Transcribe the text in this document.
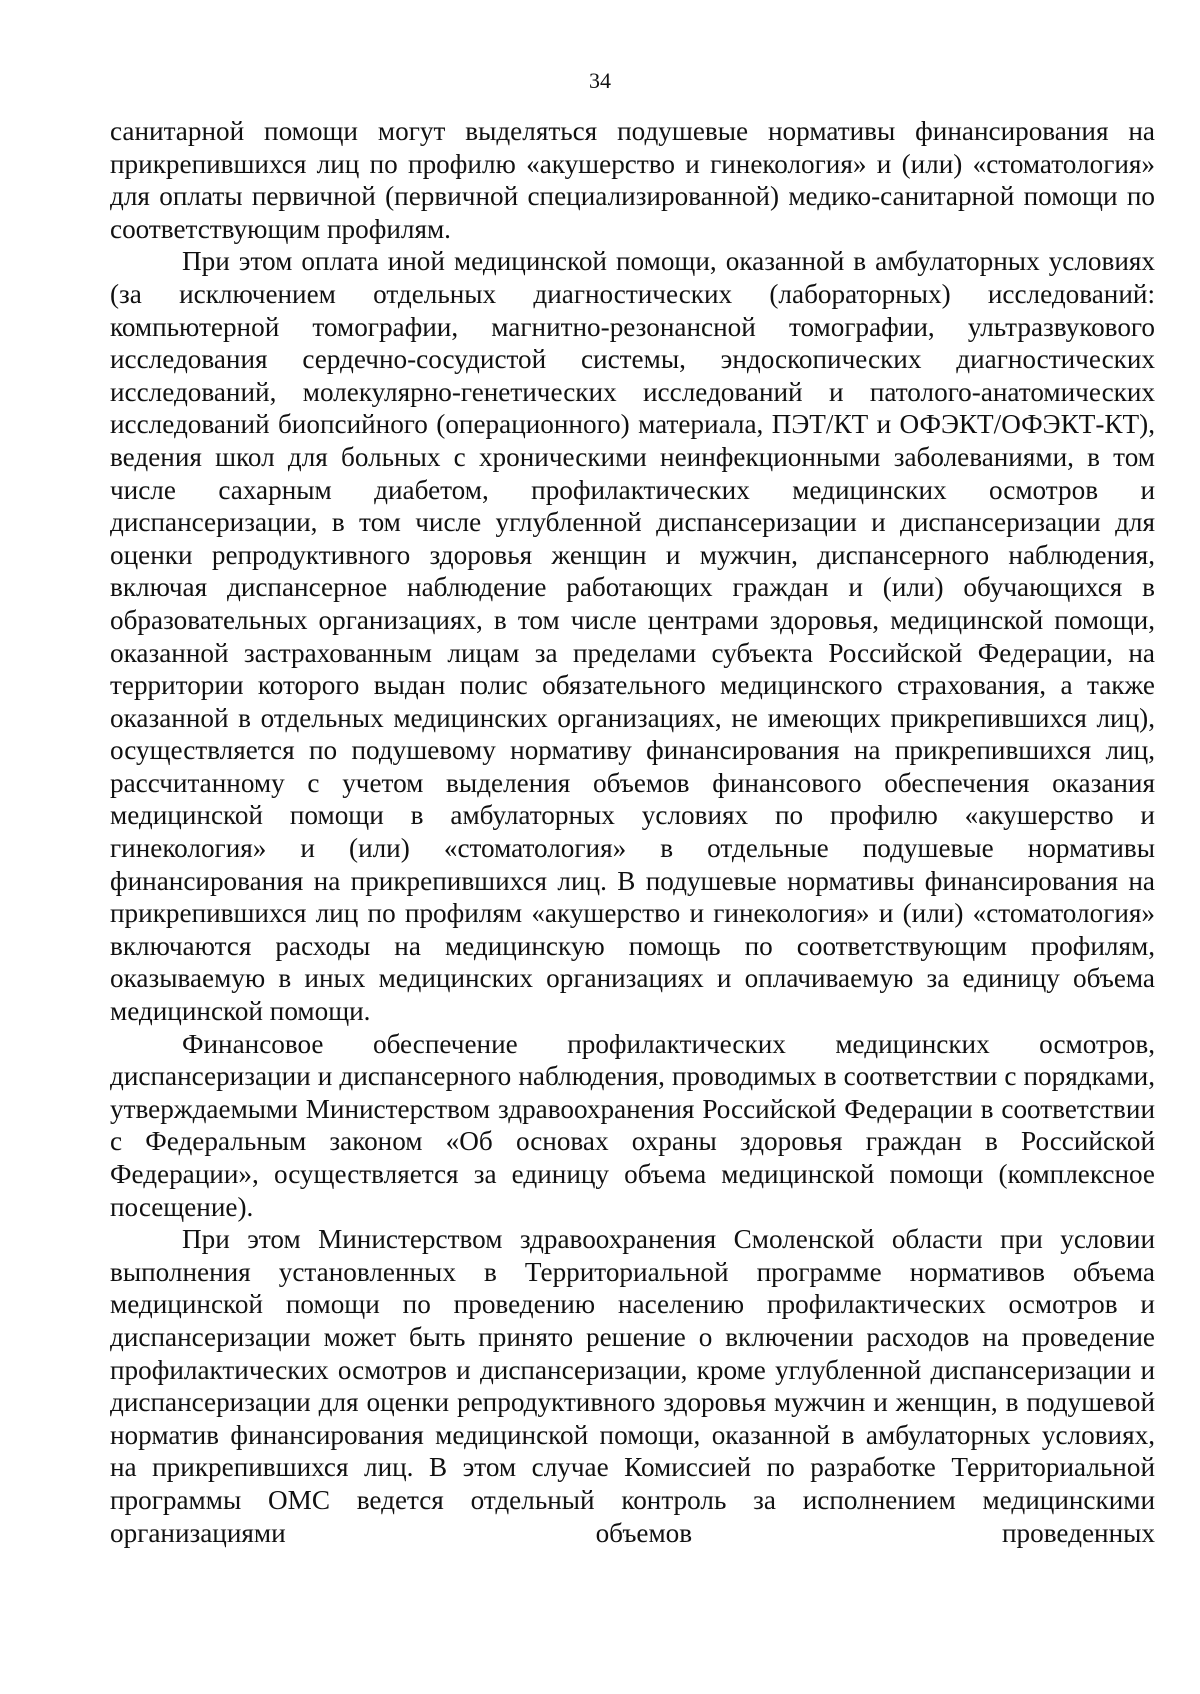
34

санитарной помощи могут выделяться подушевые нормативы финансирования на прикрепившихся лиц по профилю «акушерство и гинекология» и (или) «стоматология» для оплаты первичной (первичной специализированной) медико-санитарной помощи по соответствующим профилям.

При этом оплата иной медицинской помощи, оказанной в амбулаторных условиях (за исключением отдельных диагностических (лабораторных) исследований: компьютерной томографии, магнитно-резонансной томографии, ультразвукового исследования сердечно-сосудистой системы, эндоскопических диагностических исследований, молекулярно-генетических исследований и патолого-анатомических исследований биопсийного (операционного) материала, ПЭТ/КТ и ОФЭКТ/ОФЭКТ-КТ), ведения школ для больных с хроническими неинфекционными заболеваниями, в том числе сахарным диабетом, профилактических медицинских осмотров и диспансеризации, в том числе углубленной диспансеризации и диспансеризации для оценки репродуктивного здоровья женщин и мужчин, диспансерного наблюдения, включая диспансерное наблюдение работающих граждан и (или) обучающихся в образовательных организациях, в том числе центрами здоровья, медицинской помощи, оказанной застрахованным лицам за пределами субъекта Российской Федерации, на территории которого выдан полис обязательного медицинского страхования, а также оказанной в отдельных медицинских организациях, не имеющих прикрепившихся лиц), осуществляется по подушевому нормативу финансирования на прикрепившихся лиц, рассчитанному с учетом выделения объемов финансового обеспечения оказания медицинской помощи в амбулаторных условиях по профилю «акушерство и гинекология» и (или) «стоматология» в отдельные подушевые нормативы финансирования на прикрепившихся лиц. В подушевые нормативы финансирования на прикрепившихся лиц по профилям «акушерство и гинекология» и (или) «стоматология» включаются расходы на медицинскую помощь по соответствующим профилям, оказываемую в иных медицинских организациях и оплачиваемую за единицу объема медицинской помощи.

Финансовое обеспечение профилактических медицинских осмотров, диспансеризации и диспансерного наблюдения, проводимых в соответствии с порядками, утверждаемыми Министерством здравоохранения Российской Федерации в соответствии с Федеральным законом «Об основах охраны здоровья граждан в Российской Федерации», осуществляется за единицу объема медицинской помощи (комплексное посещение).

При этом Министерством здравоохранения Смоленской области при условии выполнения установленных в Территориальной программе нормативов объема медицинской помощи по проведению населению профилактических осмотров и диспансеризации может быть принято решение о включении расходов на проведение профилактических осмотров и диспансеризации, кроме углубленной диспансеризации и диспансеризации для оценки репродуктивного здоровья мужчин и женщин, в подушевой норматив финансирования медицинской помощи, оказанной в амбулаторных условиях, на прикрепившихся лиц. В этом случае Комиссией по разработке Территориальной программы ОМС ведется отдельный контроль за исполнением медицинскими организациями объемов проведенных
